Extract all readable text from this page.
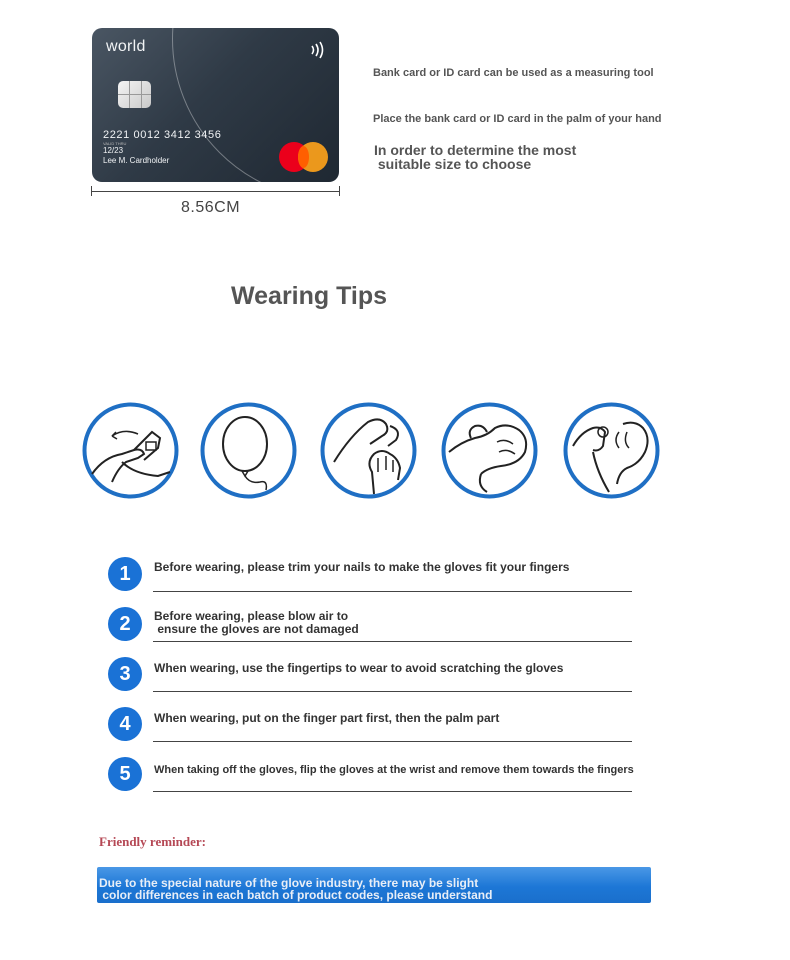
world
2221 0012 3412 3456
VALID THRU
12/23
Lee M. Cardholder
8.56CM
Bank card or ID card can be used as a measuring tool
Place the bank card or ID card in the palm of your hand
In order to determine the most
suitable size to choose
Wearing Tips
1	Before wearing, please trim your nails to make the gloves fit your fingers
2	Before wearing, please blow air to
ensure the gloves are not damaged
3	When wearing, use the fingertips to wear to avoid scratching the gloves
4	When wearing, put on the finger part first, then the palm part
5	When taking off the gloves, flip the gloves at the wrist and remove them towards the fingers
Friendly reminder:
Due to the special nature of the glove industry, there may be slight
color differences in each batch of product codes, please understand
